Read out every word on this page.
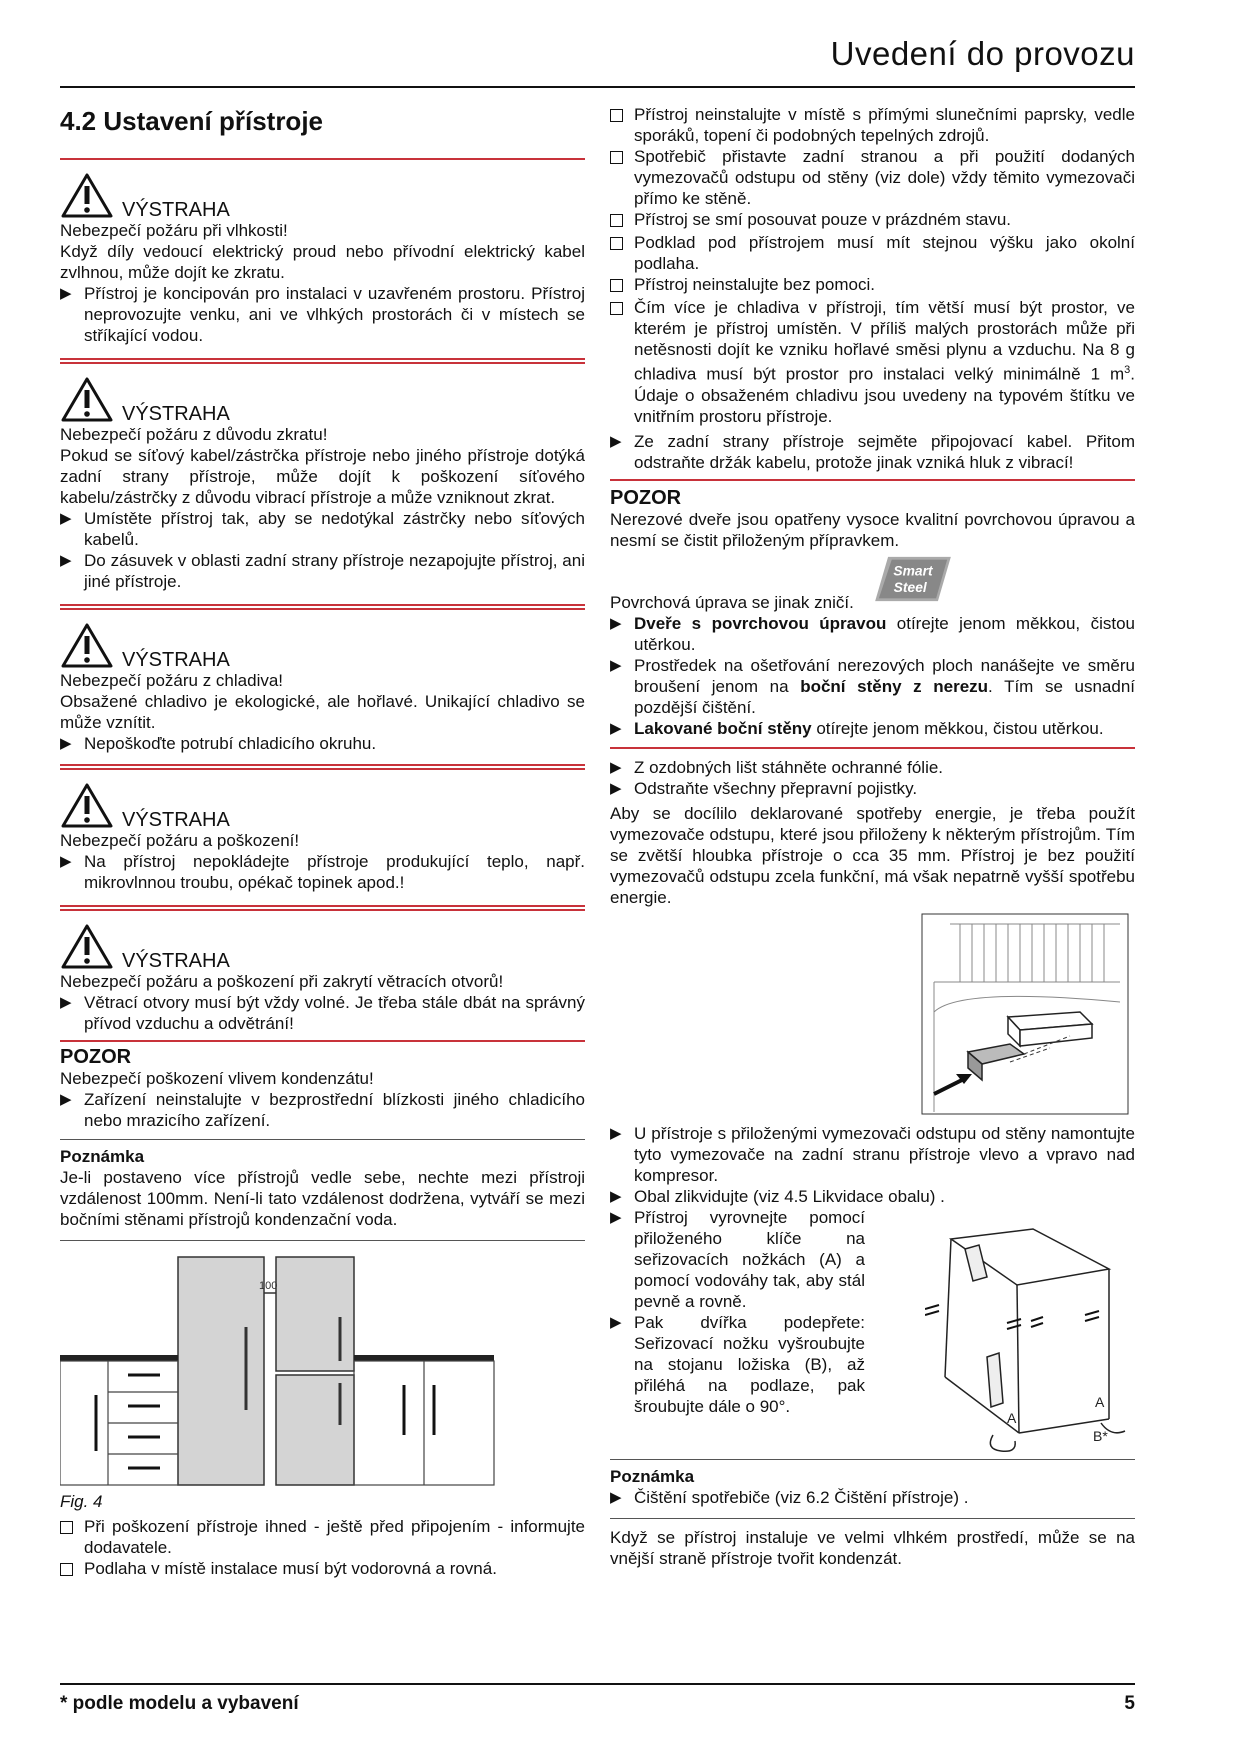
Uvedení do provozu
4.2 Ustavení přístroje
VÝSTRAHA
Nebezpečí požáru při vlhkosti!
Když díly vedoucí elektrický proud nebo přívodní elektrický kabel zvlhnou, může dojít ke zkratu.
▶ Přístroj je koncipován pro instalaci v uzavřeném prostoru. Přístroj neprovozujte venku, ani ve vlhkých prostorách či v místech se stříkající vodou.
VÝSTRAHA
Nebezpečí požáru z důvodu zkratu!
Pokud se síťový kabel/zástrčka přístroje nebo jiného přístroje dotýká zadní strany přístroje, může dojít k poškození síťového kabelu/zástrčky z důvodu vibrací přístroje a může vzniknout zkrat.
▶ Umístěte přístroj tak, aby se nedotýkal zástrčky nebo síťových kabelů.
▶ Do zásuvek v oblasti zadní strany přístroje nezapojujte přístroj, ani jiné přístroje.
VÝSTRAHA
Nebezpečí požáru z chladiva!
Obsažené chladivo je ekologické, ale hořlavé. Unikající chladivo se může vznítit.
▶ Nepoškoďte potrubí chladicího okruhu.
VÝSTRAHA
Nebezpečí požáru a poškození!
▶ Na přístroj nepokládejte přístroje produkující teplo, např. mikrovlnnou troubu, opékač topinek apod.!
VÝSTRAHA
Nebezpečí požáru a poškození při zakrytí větracích otvorů!
▶ Větrací otvory musí být vždy volné. Je třeba stále dbát na správný přívod vzduchu a odvětrání!
POZOR
Nebezpečí poškození vlivem kondenzátu!
▶ Zařízení neinstalujte v bezprostřední blízkosti jiného chladicího nebo mrazicího zařízení.
Poznámka
Je-li postaveno více přístrojů vedle sebe, nechte mezi přístroji vzdálenost 100mm. Není-li tato vzdálenost dodržena, vytváří se mezi bočními stěnami přístrojů kondenzační voda.
100
Fig. 4
Při poškození přístroje ihned - ještě před připojením - informujte dodavatele.
Podlaha v místě instalace musí být vodorovná a rovná.
Přístroj neinstalujte v místě s přímými slunečními paprsky, vedle sporáků, topení či podobných tepelných zdrojů.
Spotřebič přistavte zadní stranou a při použití dodaných vymezovačů odstupu od stěny (viz dole) vždy těmito vymezovači přímo ke stěně.
Přístroj se smí posouvat pouze v prázdném stavu.
Podklad pod přístrojem musí mít stejnou výšku jako okolní podlaha.
Přístroj neinstalujte bez pomoci.
Čím více je chladiva v přístroji, tím větší musí být prostor, ve kterém je přístroj umístěn. V příliš malých prostorách může při netěsnosti dojít ke vzniku hořlavé směsi plynu a vzduchu. Na 8 g chladiva musí být prostor pro instalaci velký minimálně 1 $m^3$. Údaje o obsaženém chladivu jsou uvedeny na typovém štítku ve vnitřním prostoru přístroje.
▶ Ze zadní strany přístroje sejměte připojovací kabel. Přitom odstraňte držák kabelu, protože jinak vzniká hluk z vibrací!
POZOR
Nerezové dveře jsou opatřeny vysoce kvalitní povrchovou úpravou a nesmí se čistit přiloženým přípravkem.
Povrchová úprava se jinak zničí.
Smart
Steel
▶ Dveře s povrchovou úpravou otírejte jenom měkkou, čistou utěrkou.
▶ Prostředek na ošetřování nerezových ploch nanášejte ve směru broušení jenom na boční stěny z nerezu. Tím se usnadní pozdější čištění.
▶ Lakované boční stěny otírejte jenom měkkou, čistou utěrkou.
▶ Z ozdobných lišt stáhněte ochranné fólie.
▶ Odstraňte všechny přepravní pojistky.
Aby se docílilo deklarované spotřeby energie, je třeba použít vymezovače odstupu, které jsou přiloženy k některým přístrojům. Tím se zvětší hloubka přístroje o cca 35 mm. Přístroj je bez použití vymezovačů odstupu zcela funkční, má však nepatrně vyšší spotřebu energie.
▶ U přístroje s přiloženými vymezovači odstupu od stěny namontujte tyto vymezovače na zadní stranu přístroje vlevo a vpravo nad kompresor.
▶ Obal zlikvidujte (viz 4.5 Likvidace obalu) .
▶ Přístroj vyrovnejte pomocí přiloženého klíče na seřizovacích nožkách (A) a pomocí vodováhy tak, aby stál pevně a rovně.
▶ Pak dvířka podepřete: Seřizovací nožku vyšroubujte na stojanu ložiska (B), až přiléhá na podlaze, pak šroubujte dále o 90°.
A
A
B*
Poznámka
▶ Čištění spotřebiče (viz 6.2 Čištění přístroje) .
Když se přístroj instaluje ve velmi vlhkém prostředí, může se na vnější straně přístroje tvořit kondenzát.
* podle modelu a vybavení	5
